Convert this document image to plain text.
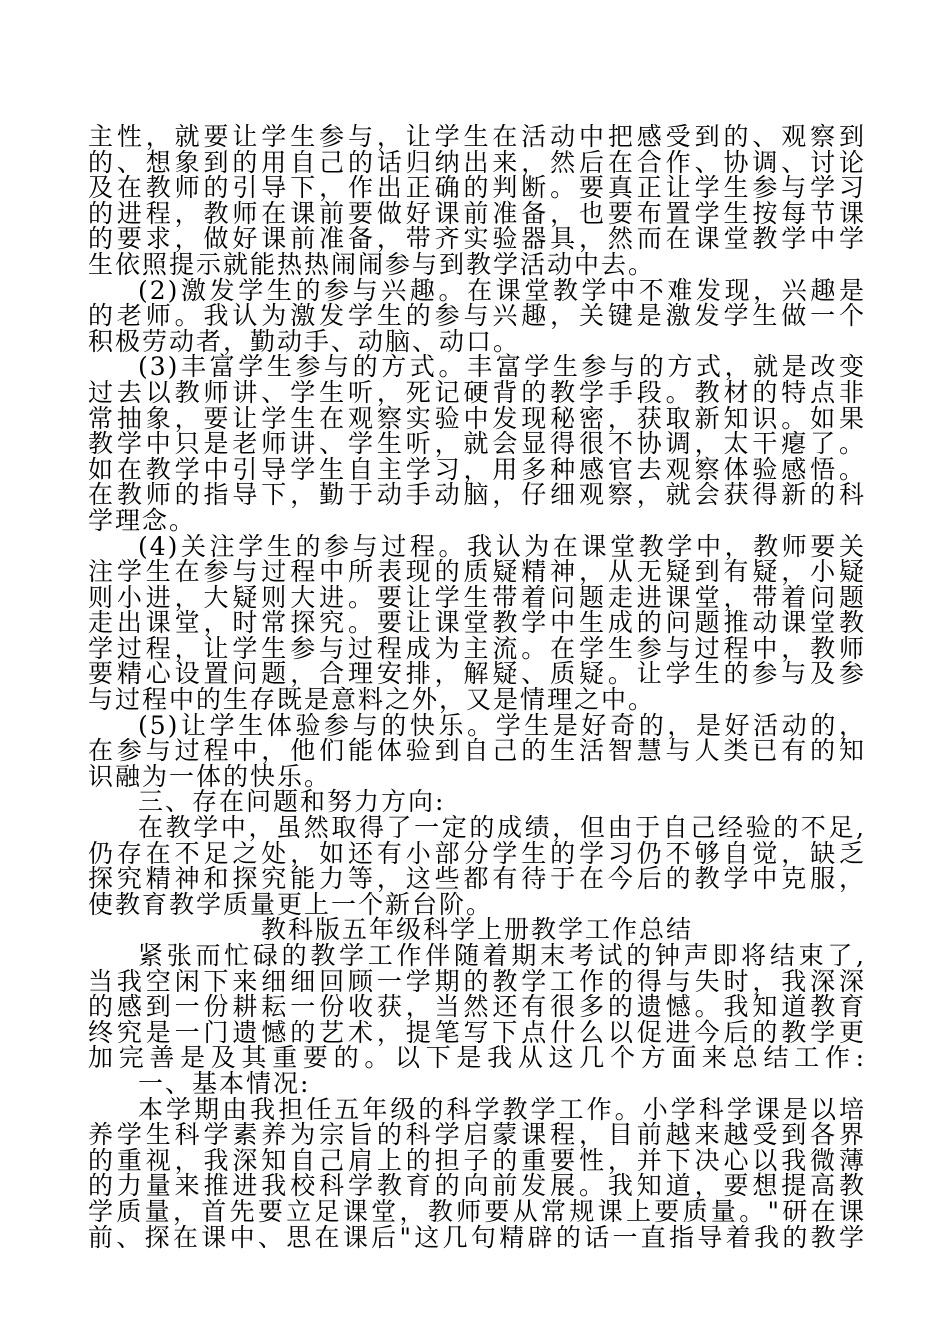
主性，就要让学生参与，让学生在活动中把感受到的、观察到
的、想象到的用自己的话归纳出来，然后在合作、协调、讨论
及在教师的引导下，作出正确的判断。要真正让学生参与学习
的进程，教师在课前要做好课前准备，也要布置学生按每节课
的要求，做好课前准备，带齐实验器具，然而在课堂教学中学
生依照提示就能热热闹闹参与到教学活动中去。
(2)激发学生的参与兴趣。在课堂教学中不难发现，兴趣是
的老师。我认为激发学生的参与兴趣，关键是激发学生做一个
积极劳动者，勤动手、动脑、动口。
(3)丰富学生参与的方式。丰富学生参与的方式，就是改变
过去以教师讲、学生听，死记硬背的教学手段。教材的特点非
常抽象，要让学生在观察实验中发现秘密，获取新知识。如果
教学中只是老师讲、学生听，就会显得很不协调，太干瘪了。
如在教学中引导学生自主学习，用多种感官去观察体验感悟。
在教师的指导下，勤于动手动脑，仔细观察，就会获得新的科
学理念。
(4)关注学生的参与过程。我认为在课堂教学中，教师要关
注学生在参与过程中所表现的质疑精神，从无疑到有疑，小疑
则小进，大疑则大进。要让学生带着问题走进课堂，带着问题
走出课堂，时常探究。要让课堂教学中生成的问题推动课堂教
学过程，让学生参与过程成为主流。在学生参与过程中，教师
要精心设置问题，合理安排，解疑、质疑。让学生的参与及参
与过程中的生存既是意料之外，又是情理之中。
(5)让学生体验参与的快乐。学生是好奇的，是好活动的，
在参与过程中，他们能体验到自己的生活智慧与人类已有的知
识融为一体的快乐。
三、存在问题和努力方向:
在教学中，虽然取得了一定的成绩，但由于自己经验的不足,
仍存在不足之处，如还有小部分学生的学习仍不够自觉，缺乏
探究精神和探究能力等，这些都有待于在今后的教学中克服，
使教育教学质量更上一个新台阶。
教科版五年级科学上册教学工作总结
紧张而忙碌的教学工作伴随着期末考试的钟声即将结束了,
当我空闲下来细细回顾一学期的教学工作的得与失时，我深深
的感到一份耕耘一份收获，当然还有很多的遗憾。我知道教育
终究是一门遗憾的艺术，提笔写下点什么以促进今后的教学更
加完善是及其重要的。以下是我从这几个方面来总结工作:
一、基本情况:
本学期由我担任五年级的科学教学工作。小学科学课是以培
养学生科学素养为宗旨的科学启蒙课程，目前越来越受到各界
的重视，我深知自己肩上的担子的重要性，并下决心以我微薄
的力量来推进我校科学教育的向前发展。我知道，要想提高教
学质量，首先要立足课堂，教师要从常规课上要质量。"研在课
前、探在课中、思在课后"这几句精辟的话一直指导着我的教学
